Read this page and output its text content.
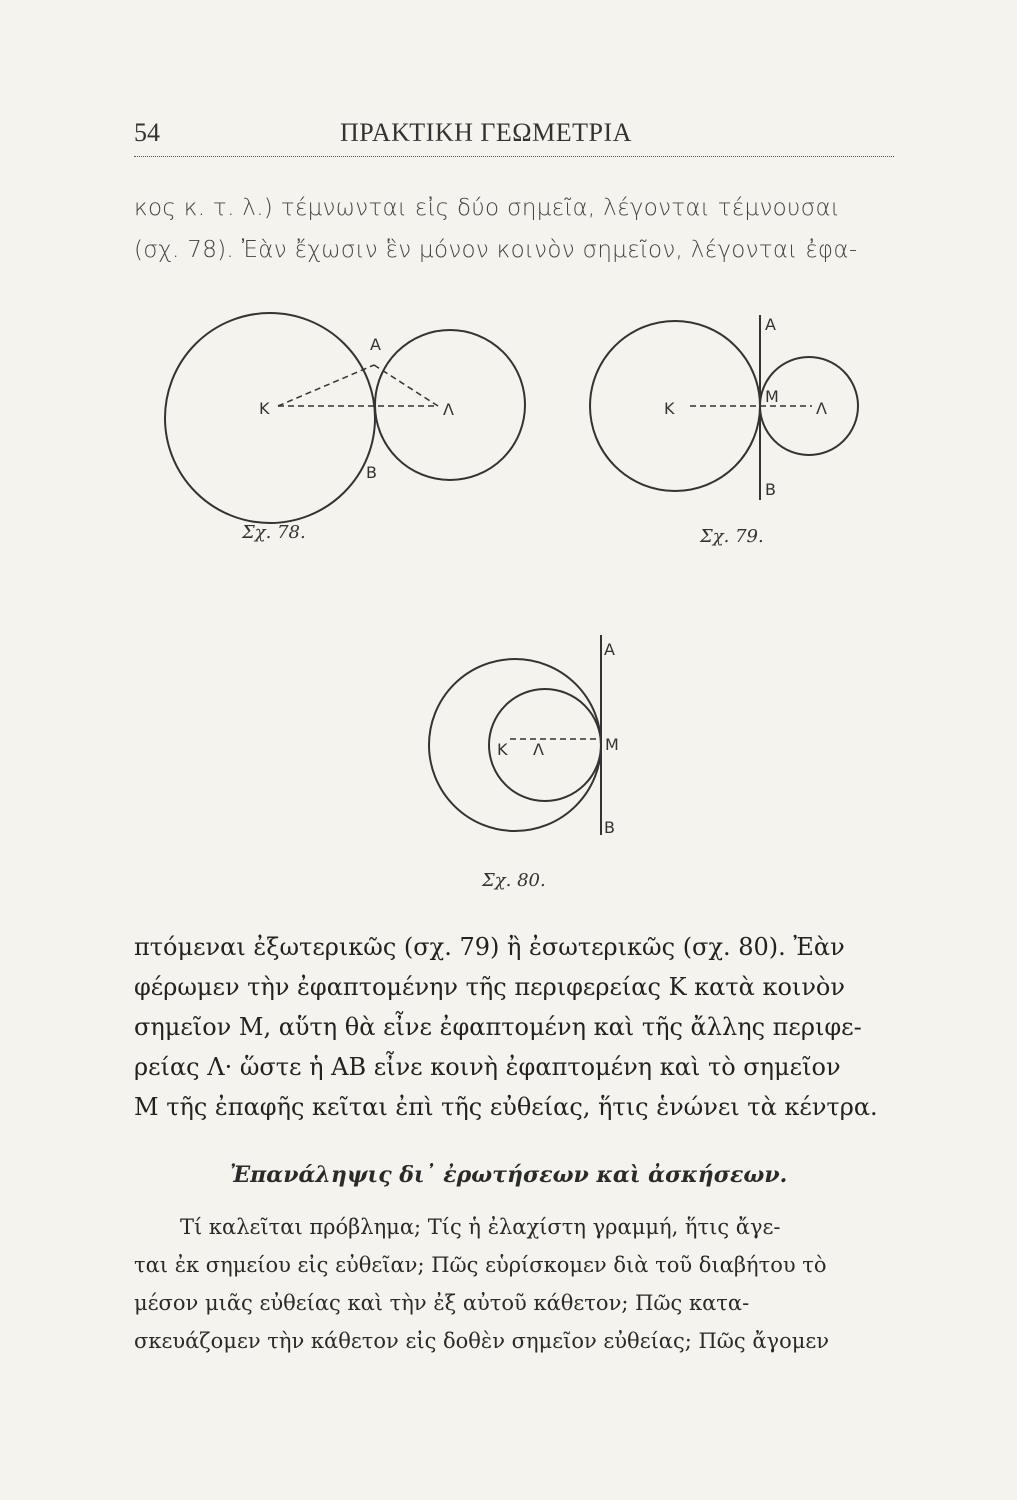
54	ΠΡΑΚΤΙΚΗ ΓΕΩΜΕΤΡΙΑ
κος κ. τ. λ.) τέμνωνται εἰς δύο σημεῖα, λέγονται τέμνουσαι
(σχ. 78). Ἐὰν ἔχωσιν ἓν μόνον κοινὸν σημεῖον, λέγονται ἐφα-
K	Λ
A
B
Σχ. 78.
K	Λ
M
A
B
Σχ. 79.
K Λ	M
A
B
Σχ. 80.
πτόμεναι ἐξωτερικῶς (σχ. 79) ἢ ἐσωτερικῶς (σχ. 80). Ἐὰν
φέρωμεν τὴν ἐφαπτομένην τῆς περιφερείας Κ κατὰ κοινὸν
σημεῖον Μ, αὕτη θὰ εἶνε ἐφαπτομένη καὶ τῆς ἄλλης περιφε-
ρείας Λ· ὥστε ἡ ΑΒ εἶνε κοινὴ ἐφαπτομένη καὶ τὸ σημεῖον
Μ τῆς ἐπαφῆς κεῖται ἐπὶ τῆς εὐθείας, ἥτις ἑνώνει τὰ κέντρα.
Ἐπανάληψις δι᾽ ἐρωτήσεων καὶ ἀσκήσεων.
Τί καλεῖται πρόβλημα; Τίς ἡ ἐλαχίστη γραμμή, ἥτις ἄγε-
ται ἐκ σημείου εἰς εὐθεῖαν; Πῶς εὑρίσκομεν διὰ τοῦ διαβήτου τὸ
μέσον μιᾶς εὐθείας καὶ τὴν ἐξ αὐτοῦ κάθετον; Πῶς κατα-
σκευάζομεν τὴν κάθετον εἰς δοθὲν σημεῖον εὐθείας; Πῶς ἄγομεν
